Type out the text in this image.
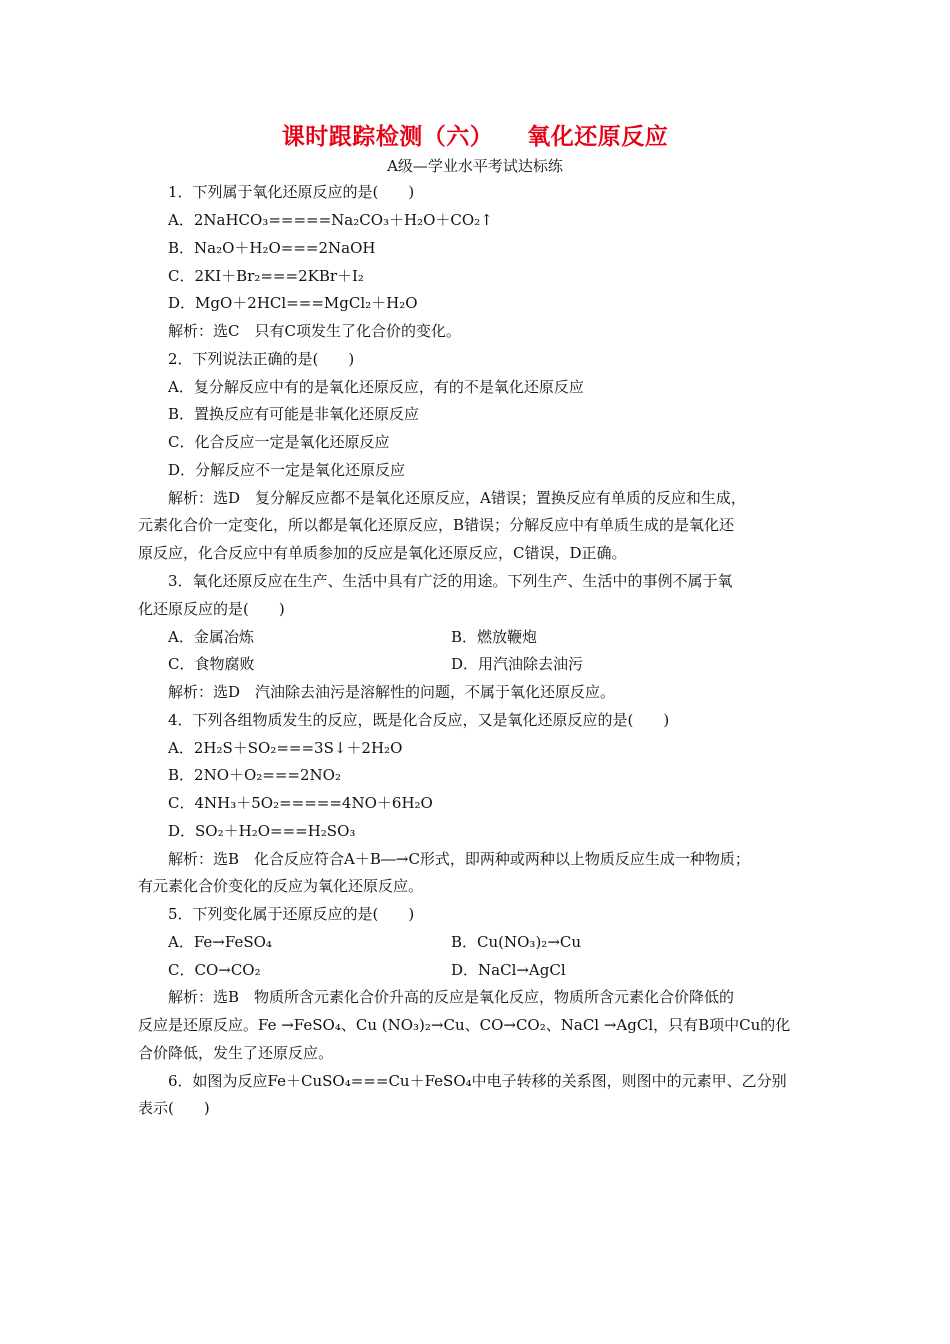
课时跟踪检测（六）    氧化还原反应
A级—学业水平考试达标练
1．下列属于氧化还原反应的是(　　)
A．2NaHCO₃=====Na₂CO₃＋H₂O＋CO₂↑
B．Na₂O＋H₂O===2NaOH
C．2KI＋Br₂===2KBr＋I₂
D．MgO＋2HCl===MgCl₂＋H₂O
解析：选C　只有C项发生了化合价的变化。
2．下列说法正确的是(　　)
A．复分解反应中有的是氧化还原反应，有的不是氧化还原反应
B．置换反应有可能是非氧化还原反应
C．化合反应一定是氧化还原反应
D．分解反应不一定是氧化还原反应
解析：选D　复分解反应都不是氧化还原反应，A错误；置换反应有单质的反应和生成，
元素化合价一定变化，所以都是氧化还原反应，B错误；分解反应中有单质生成的是氧化还
原反应，化合反应中有单质参加的反应是氧化还原反应，C错误，D正确。
3．氧化还原反应在生产、生活中具有广泛的用途。下列生产、生活中的事例不属于氧
化还原反应的是(　　)
A．金属冶炼	B．燃放鞭炮
C．食物腐败	D．用汽油除去油污
解析：选D　汽油除去油污是溶解性的问题，不属于氧化还原反应。
4．下列各组物质发生的反应，既是化合反应，又是氧化还原反应的是(　　)
A．2H₂S＋SO₂===3S↓＋2H₂O
B．2NO＋O₂===2NO₂
C．4NH₃＋5O₂=====4NO＋6H₂O
D．SO₂＋H₂O===H₂SO₃
解析：选B　化合反应符合A＋B―→C形式，即两种或两种以上物质反应生成一种物质；
有元素化合价变化的反应为氧化还原反应。
5．下列变化属于还原反应的是(　　)
A．Fe→FeSO₄	B．Cu(NO₃)₂→Cu
C．CO→CO₂	D．NaCl→AgCl
解析：选B　物质所含元素化合价升高的反应是氧化反应，物质所含元素化合价降低的
反应是还原反应。Fe →FeSO₄、Cu (NO₃)₂→Cu、CO→CO₂、NaCl →AgCl，只有B项中Cu的化
合价降低，发生了还原反应。
6．如图为反应Fe＋CuSO₄===Cu＋FeSO₄中电子转移的关系图，则图中的元素甲、乙分别
表示(　　)
